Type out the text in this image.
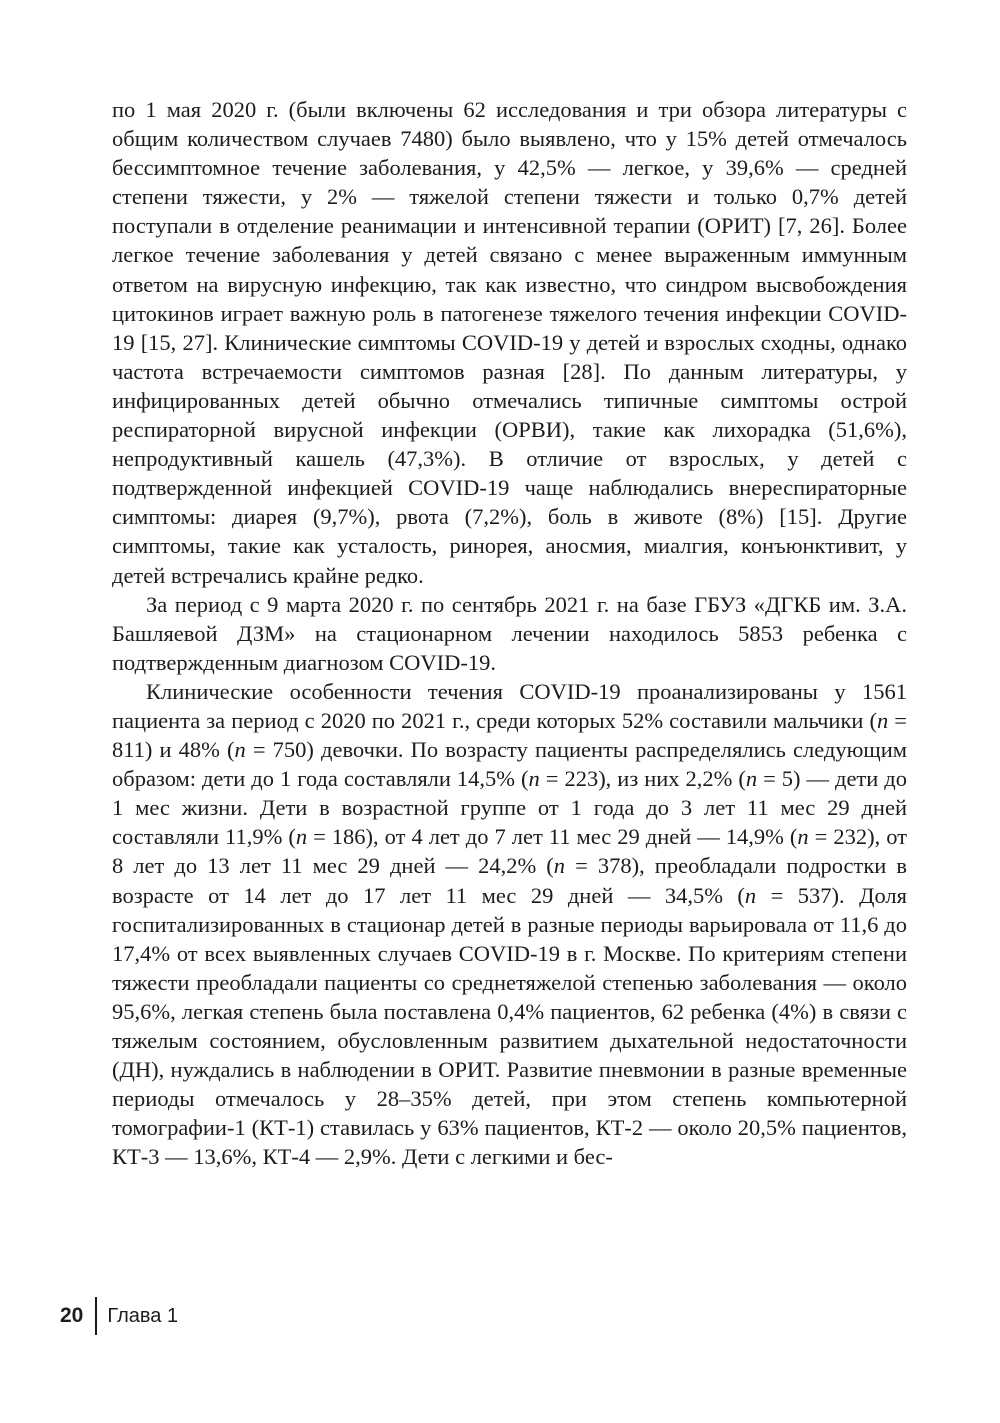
по 1 мая 2020 г. (были включены 62 исследования и три обзора литературы с общим количеством случаев 7480) было выявлено, что у 15% детей отмечалось бессимптомное течение заболевания, у 42,5% — легкое, у 39,6% — средней степени тяжести, у 2% — тяжелой степени тяжести и только 0,7% детей поступали в отделение реанимации и интенсивной терапии (ОРИТ) [7, 26]. Более легкое течение заболевания у детей связано с менее выраженным иммунным ответом на вирусную инфекцию, так как известно, что синдром высвобождения цитокинов играет важную роль в патогенезе тяжелого течения инфекции COVID-19 [15, 27]. Клинические симптомы COVID-19 у детей и взрослых сходны, однако частота встречаемости симптомов разная [28]. По данным литературы, у инфицированных детей обычно отмечались типичные симптомы острой респираторной вирусной инфекции (ОРВИ), такие как лихорадка (51,6%), непродуктивный кашель (47,3%). В отличие от взрослых, у детей с подтвержденной инфекцией COVID-19 чаще наблюдались внереспираторные симптомы: диарея (9,7%), рвота (7,2%), боль в животе (8%) [15]. Другие симптомы, такие как усталость, ринорея, аносмия, миалгия, конъюнктивит, у детей встречались крайне редко.

За период с 9 марта 2020 г. по сентябрь 2021 г. на базе ГБУЗ «ДГКБ им. З.А. Башляевой ДЗМ» на стационарном лечении находилось 5853 ребенка с подтвержденным диагнозом COVID-19.

Клинические особенности течения COVID-19 проанализированы у 1561 пациента за период с 2020 по 2021 г., среди которых 52% составили мальчики (n = 811) и 48% (n = 750) девочки. По возрасту пациенты распределялись следующим образом: дети до 1 года составляли 14,5% (n = 223), из них 2,2% (n = 5) — дети до 1 мес жизни. Дети в возрастной группе от 1 года до 3 лет 11 мес 29 дней составляли 11,9% (n = 186), от 4 лет до 7 лет 11 мес 29 дней — 14,9% (n = 232), от 8 лет до 13 лет 11 мес 29 дней — 24,2% (n = 378), преобладали подростки в возрасте от 14 лет до 17 лет 11 мес 29 дней — 34,5% (n = 537). Доля госпитализированных в стационар детей в разные периоды варьировала от 11,6 до 17,4% от всех выявленных случаев COVID-19 в г. Москве. По критериям степени тяжести преобладали пациенты со среднетяжелой степенью заболевания — около 95,6%, легкая степень была поставлена 0,4% пациентов, 62 ребенка (4%) в связи с тяжелым состоянием, обусловленным развитием дыхательной недостаточности (ДН), нуждались в наблюдении в ОРИТ. Развитие пневмонии в разные временные периоды отмечалось у 28–35% детей, при этом степень компьютерной томографии-1 (КТ-1) ставилась у 63% пациентов, КТ-2 — около 20,5% пациентов, КТ-3 — 13,6%, КТ-4 — 2,9%. Дети с легкими и бес-

20 Глава 1
